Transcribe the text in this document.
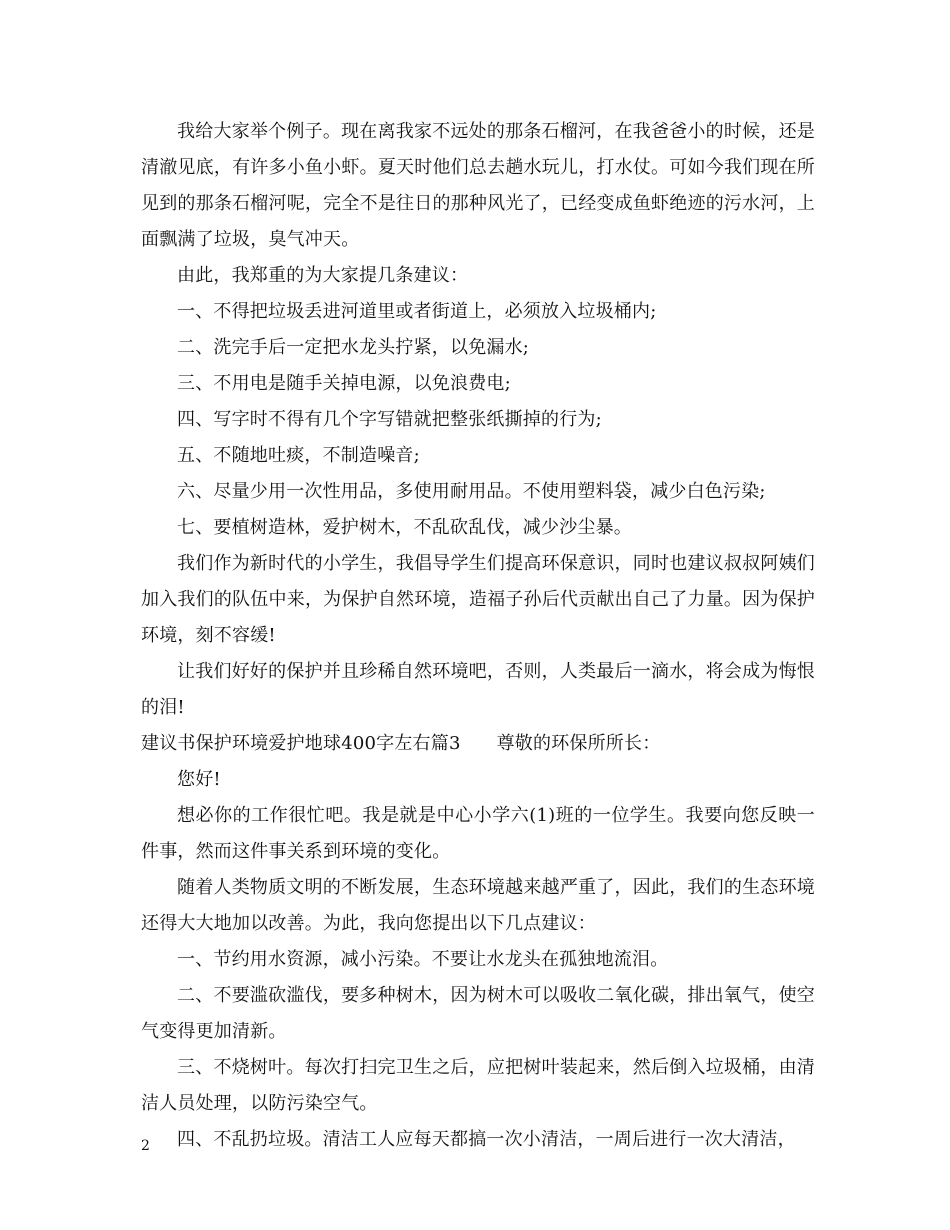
我给大家举个例子。现在离我家不远处的那条石榴河，在我爸爸小的时候，还是清澈见底，有许多小鱼小虾。夏天时他们总去趟水玩儿，打水仗。可如今我们现在所见到的那条石榴河呢，完全不是往日的那种风光了，已经变成鱼虾绝迹的污水河，上面飘满了垃圾，臭气冲天。

由此，我郑重的为大家提几条建议：

一、不得把垃圾丢进河道里或者街道上，必须放入垃圾桶内;

二、洗完手后一定把水龙头拧紧，以免漏水;

三、不用电是随手关掉电源，以免浪费电;

四、写字时不得有几个字写错就把整张纸撕掉的行为;

五、不随地吐痰，不制造噪音;

六、尽量少用一次性用品，多使用耐用品。不使用塑料袋，减少白色污染;

七、要植树造林，爱护树木，不乱砍乱伐，减少沙尘暴。

我们作为新时代的小学生，我倡导学生们提高环保意识，同时也建议叔叔阿姨们加入我们的队伍中来，为保护自然环境，造福子孙后代贡献出自己了力量。因为保护环境，刻不容缓!

让我们好好的保护并且珍稀自然环境吧，否则，人类最后一滴水，将会成为悔恨的泪!

建议书保护环境爱护地球400字左右篇3 尊敬的环保所所长：

您好!

想必你的工作很忙吧。我是就是中心小学六(1)班的一位学生。我要向您反映一件事，然而这件事关系到环境的变化。

随着人类物质文明的不断发展，生态环境越来越严重了，因此，我们的生态环境还得大大地加以改善。为此，我向您提出以下几点建议：

一、节约用水资源，减小污染。不要让水龙头在孤独地流泪。

二、不要滥砍滥伐，要多种树木，因为树木可以吸收二氧化碳，排出氧气，使空气变得更加清新。

三、不烧树叶。每次打扫完卫生之后，应把树叶装起来，然后倒入垃圾桶，由清洁人员处理，以防污染空气。

四、不乱扔垃圾。清洁工人应每天都搞一次小清洁，一周后进行一次大清洁，

2
